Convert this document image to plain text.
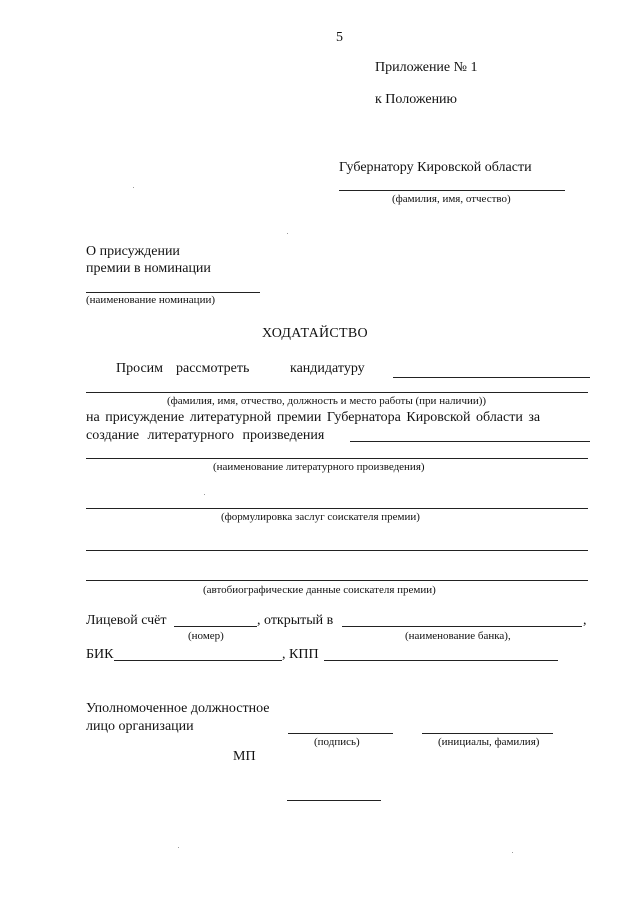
5
Приложение № 1
к Положению
Губернатору Кировской области
(фамилия, имя, отчество)
О присуждении
премии в номинации
(наименование номинации)
ХОДАТАЙСТВО
Просим рассмотреть	кандидатуру
(фамилия, имя, отчество, должность и место работы (при наличии))
на присуждение литературной премии Губернатора Кировской области за
создание литературного произведения
(наименование литературного произведения)
(формулировка заслуг соискателя премии)
(автобиографические данные соискателя премии)
Лицевой счёт	, открытый в	,
(номер)	(наименование банка),
БИК	, КПП
Уполномоченное должностное
лицо организации
(подпись)	(инициалы, фамилия)
МП
